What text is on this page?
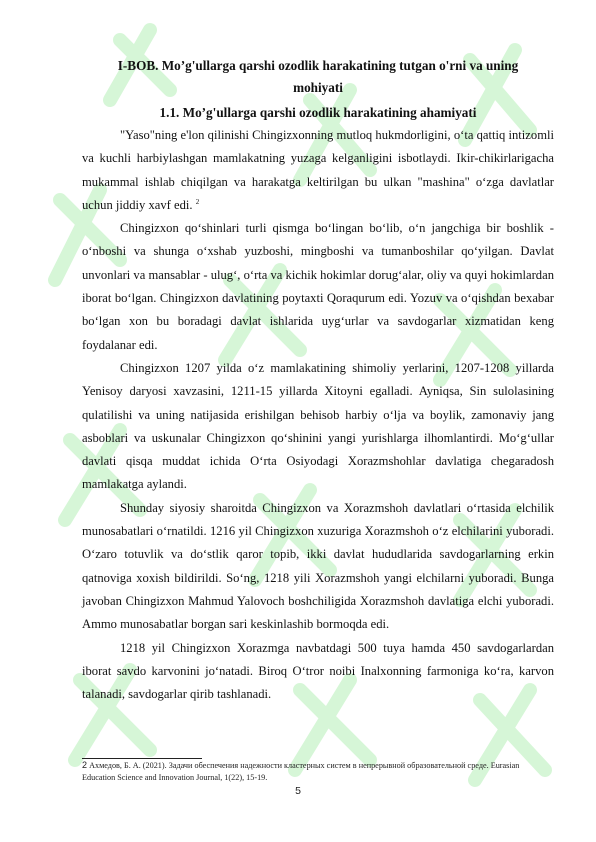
I-BOB. Mo’g'ullarga qarshi ozodlik harakatining tutgan o'rni va uning
mohiyati

1.1. Mo’g'ullarga qarshi ozodlik harakatining ahamiyati

"Yaso"ning e'lon qilinishi Chingizxonning mutloq hukmdorligini, o‘ta qattiq intizomli va kuchli harbiylashgan mamlakatning yuzaga kelganligini isbotlaydi. Ikir-chikirlarigacha mukammal ishlab chiqilgan va harakatga keltirilgan bu ulkan "mashina" o‘zga davlatlar uchun jiddiy xavf edi. $^2$

Chingizxon qo‘shinlari turli qismga bo‘lingan bo‘lib, o‘n jangchiga bir boshlik - o‘nboshi va shunga o‘xshab yuzboshi, mingboshi va tumanboshilar qo‘yilgan. Davlat unvonlari va mansablar - ulug‘, o‘rta va kichik hokimlar dorug‘alar, oliy va quyi hokimlardan iborat bo‘lgan. Chingizxon davlatining poytaxti Qoraqurum edi. Yozuv va o‘qishdan bexabar bo‘lgan xon bu boradagi davlat ishlarida uyg‘urlar va savdogarlar xizmatidan keng foydalanar edi.

Chingizxon 1207 yilda o‘z mamlakatining shimoliy yerlarini, 1207-1208 yillarda Yenisoy daryosi xavzasini, 1211-15 yillarda Xitoyni egalladi. Ayniqsa, Sin sulolasining qulatilishi va uning natijasida erishilgan behisob harbiy o‘lja va boylik, zamonaviy jang asboblari va uskunalar Chingizxon qo‘shinini yangi yurishlarga ilhomlantirdi. Mo‘g‘ullar davlati qisqa muddat ichida O‘rta Osiyodagi Xorazmshohlar davlatiga chegaradosh mamlakatga aylandi.

Shunday siyosiy sharoitda Chingizxon va Xorazmshoh davlatlari o‘rtasida elchilik munosabatlari o‘rnatildi. 1216 yil Chingizxon xuzuriga Xorazmshoh o‘z elchilarini yuboradi. O‘zaro totuvlik va do‘stlik qaror topib, ikki davlat hududlarida savdogarlarning erkin qatnoviga xoxish bildirildi. So‘ng, 1218 yili Xorazmshoh yangi elchilarni yuboradi. Bunga javoban Chingizxon Mahmud Yalovoch boshchiligida Xorazmshoh davlatiga elchi yuboradi. Ammo munosabatlar borgan sari keskinlashib bormoqda edi.

1218 yil Chingizxon Xorazmga navbatdagi 500 tuya hamda 450 savdogarlardan iborat savdo karvonini jo‘natadi. Biroq O‘tror noibi Inalxonning farmoniga ko‘ra, karvon talanadi, savdogarlar qirib tashlanadi.

2 Ахмедов, Б. А. (2021). Задачи обеспечения надежности кластерных систем в непрерывной образовательной среде. Eurasian Education Science and Innovation Journal, 1(22), 15-19.
5
